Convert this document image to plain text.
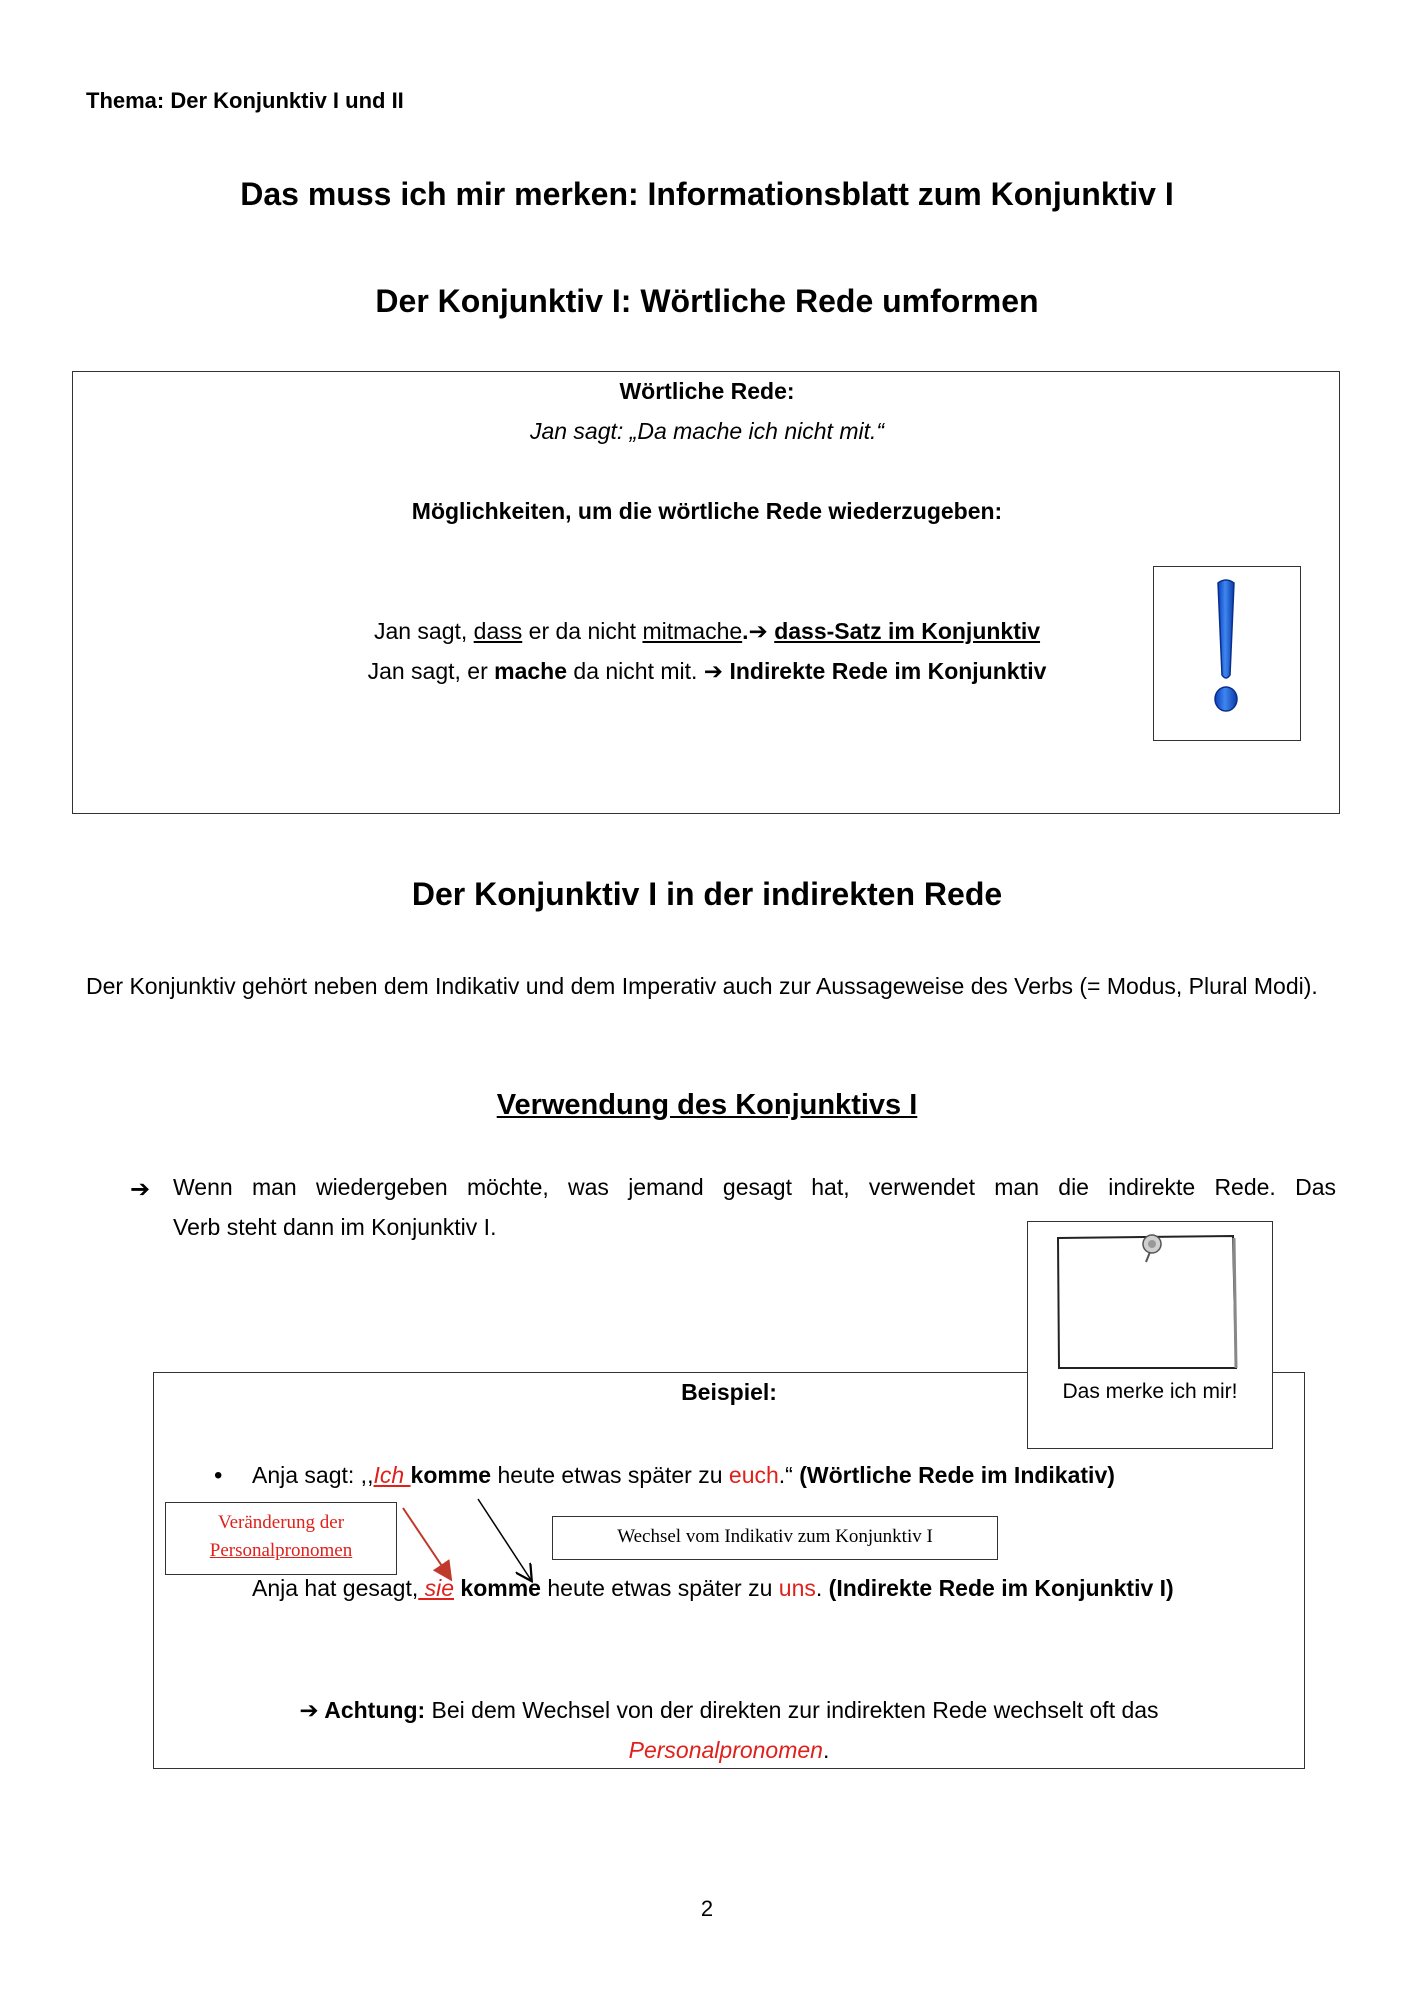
Thema: Der Konjunktiv I und II
Das muss ich mir merken: Informationsblatt zum Konjunktiv I
Der Konjunktiv I: Wörtliche Rede umformen
Wörtliche Rede:
Jan sagt: „Da mache ich nicht mit.“
Möglichkeiten, um die wörtliche Rede wiederzugeben:
Jan sagt, dass er da nicht mitmache.➔ dass-Satz im Konjunktiv
Jan sagt, er mache da nicht mit. ➔ Indirekte Rede im Konjunktiv
Der Konjunktiv I in der indirekten Rede
Der Konjunktiv gehört neben dem Indikativ und dem Imperativ auch zur Aussageweise des Verbs (= Modus, Plural Modi).
Verwendung des Konjunktivs I
➔ Wenn man wiedergeben möchte, was jemand gesagt hat, verwendet man die indirekte Rede. Das
Verb steht dann im Konjunktiv I.
Das merke ich mir!
Beispiel:
• Anja sagt: ,,Ich komme heute etwas später zu euch.“ (Wörtliche Rede im Indikativ)
Veränderung der
Personalpronomen
Wechsel vom Indikativ zum Konjunktiv I
Anja hat gesagt, sie komme heute etwas später zu uns. (Indirekte Rede im Konjunktiv I)
➔ Achtung: Bei dem Wechsel von der direkten zur indirekten Rede wechselt oft das
Personalpronomen.
2
